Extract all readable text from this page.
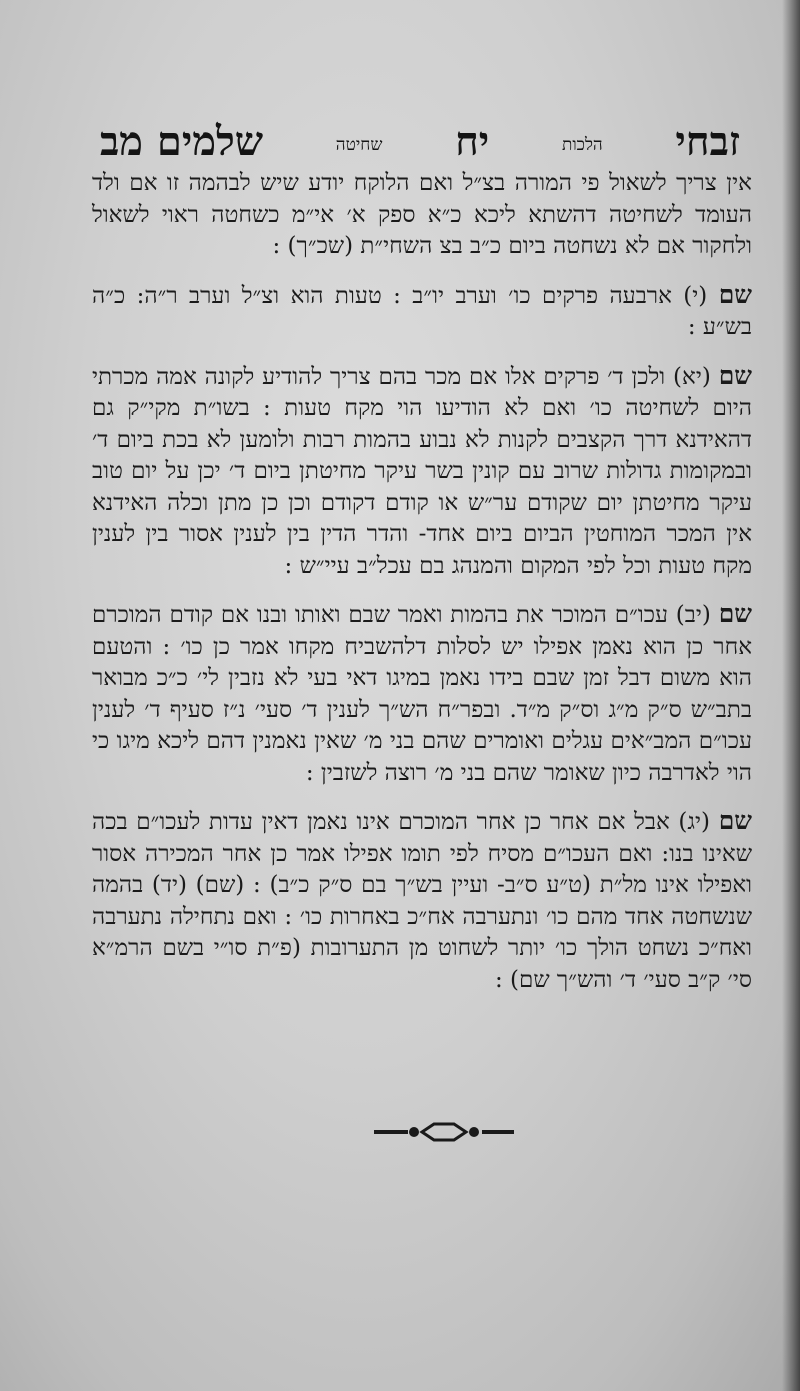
זבחי
הלכות
יח
שחיטה
שלמים מב

אין צריך לשאול פי המורה בצ״ל ואם הלוקח יודע שיש לבהמה זו אם ולד העומד לשחיטה דהשתא ליכא כ״א ספק א׳ אי״מ כשחטה ראוי לשאול ולחקור אם לא נשחטה ביום כ״ב בצ השחי״ת (שכ״ך) :

שם (י) ארבעה פרקים כו׳ וערב יו״ב : טעות הוא וצ״ל וערב ר״ה: כ״ה בש״ע :

שם (יא) ולכן ד׳ פרקים אלו אם מכר בהם צריך להודיע לקונה אמה מכרתי היום לשחיטה כו׳ ואם לא הודיעו הוי מקח טעות : בשו״ת מקי״ק גם דהאידנא דרך הקצבים לקנות לא נבוע בהמות רבות ולומען לא בכת ביום ד׳ ובמקומות גדולות שרוב עם קונין בשר עיקר מחיטתן ביום ד׳ יכן על יום טוב עיקר מחיטתן יום שקודם ער״ש או קודם דקודם וכן כן מתן וכלה האידנא אין המכר המוחטין הביום ביום אחד- והדר הדין בין לענין אסור בין לענין מקח טעות וכל לפי המקום והמנהג בם עכל״ב עיי״ש :

שם (יב) עכו״ם המוכר את בהמות ואמר שבם ואותו ובנו אם קודם המוכרם אחר כן הוא נאמן אפילו יש לסלות דלהשביח מקחו אמר כן כו׳ : והטעם הוא משום דבל זמן שבם בידו נאמן במיגו דאי בעי לא נזבין לי׳ כ״כ מבואר בתב״ש ס״ק מ״ג וס״ק מ״ד. ובפר״ח הש״ך לענין ד׳ סעי׳ נ״ז סעיף ד׳ לענין עכו״ם המב״אים עגלים ואומרים שהם בני מ׳ שאין נאמנין דהם ליכא מיגו כי הוי לאדרבה כיון שאומר שהם בני מ׳ רוצה לשזבין :

שם (יג) אבל אם אחר כן אחר המוכרם אינו נאמן דאין עדות לעכו״ם בכה שאינו בנו: ואם העכו״ם מסיח לפי תומו אפילו אמר כן אחר המכירה אסור ואפילו אינו מל״ת (ט״ע ס״ב- ועיין בש״ך בם ס״ק כ״ב) : (שם) (יד) בהמה שנשחטה אחד מהם כו׳ ונתערבה אח״כ באחרות כו׳ : ואם נתחילה נתערבה ואח״כ נשחט הולך כו׳ יותר לשחוט מן התערובות (פ״ת סו״י בשם הרמ״א סי׳ ק״ב סעי׳ ד׳ והש״ך שם) :
